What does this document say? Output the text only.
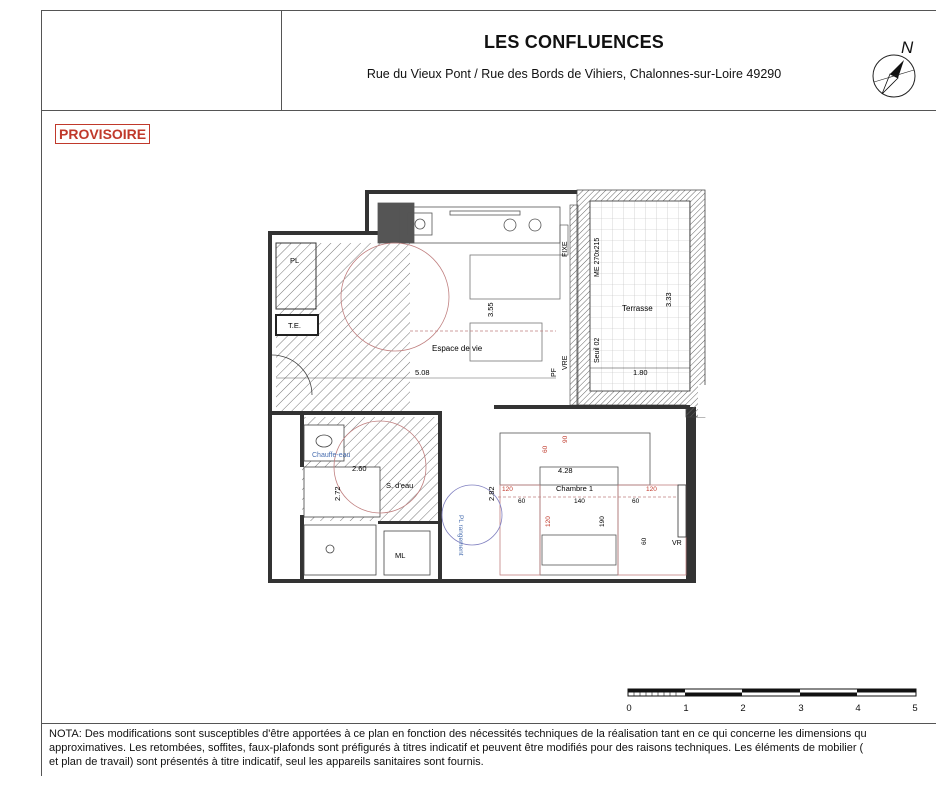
LES CONFLUENCES
Rue du Vieux Pont / Rue des Bords de Vihiers, Chalonnes-sur-Loire 49290
N
PROVISOIRE
Terrasse
3.33
1.80
ME 270x215
Seuil 02
FIXE
VRE
PF
Espace de vie
5.08
3.55
PL
T.E.
Chauffe-eau
S. d'eau
2.60
2.72
ML
Chambre 1
4.28
2.82 120	120
90
120
60
60	140	60
190
60	VR
PL rangement
0	1	2	3	4	5
NOTA: Des modifications sont susceptibles d'être apportées à ce plan en fonction des nécessités techniques de la réalisation tant en ce qui concerne les dimensions qu
approximatives. Les retombées, soffites, faux-plafonds sont préfigurés à titres indicatif et peuvent être modifiés pour des raisons techniques. Les éléments de mobilier (
et plan de travail) sont présentés à titre indicatif, seul les appareils sanitaires sont fournis.
